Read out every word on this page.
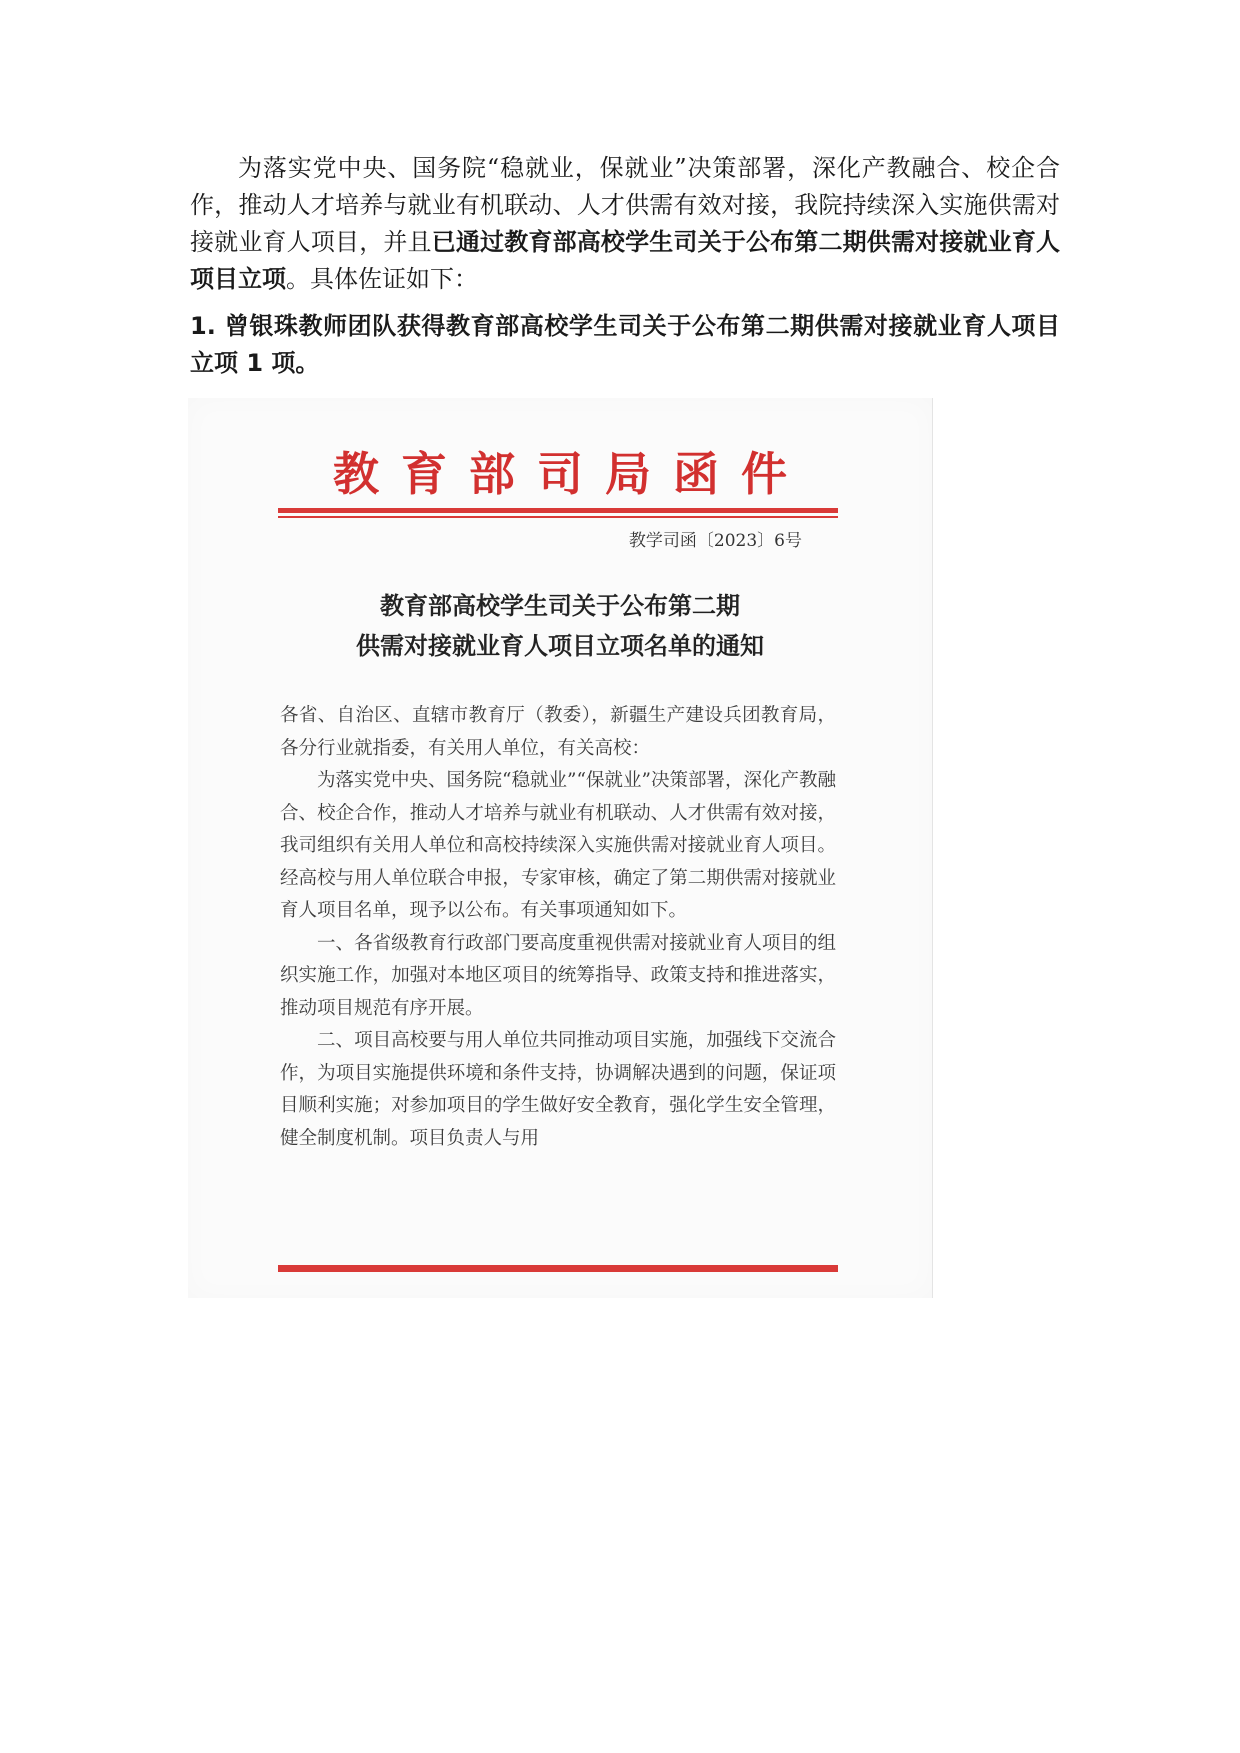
为落实党中央、国务院“稳就业，保就业”决策部署，深化产教融合、校企合作，推动人才培养与就业有机联动、人才供需有效对接，我院持续深入实施供需对接就业育人项目，并且已通过教育部高校学生司关于公布第二期供需对接就业育人项目立项。具体佐证如下：

1. 曾银珠教师团队获得教育部高校学生司关于公布第二期供需对接就业育人项目立项 1 项。

教育部司局函件
教学司函〔2023〕6号
教育部高校学生司关于公布第二期
供需对接就业育人项目立项名单的通知

各省、自治区、直辖市教育厅（教委），新疆生产建设兵团教育局，各分行业就指委，有关用人单位，有关高校：

为落实党中央、国务院“稳就业”“保就业”决策部署，深化产教融合、校企合作，推动人才培养与就业有机联动、人才供需有效对接，我司组织有关用人单位和高校持续深入实施供需对接就业育人项目。经高校与用人单位联合申报，专家审核，确定了第二期供需对接就业育人项目名单，现予以公布。有关事项通知如下。

一、各省级教育行政部门要高度重视供需对接就业育人项目的组织实施工作，加强对本地区项目的统筹指导、政策支持和推进落实，推动项目规范有序开展。

二、项目高校要与用人单位共同推动项目实施，加强线下交流合作，为项目实施提供环境和条件支持，协调解决遇到的问题，保证项目顺利实施；对参加项目的学生做好安全教育，强化学生安全管理，健全制度机制。项目负责人与用
